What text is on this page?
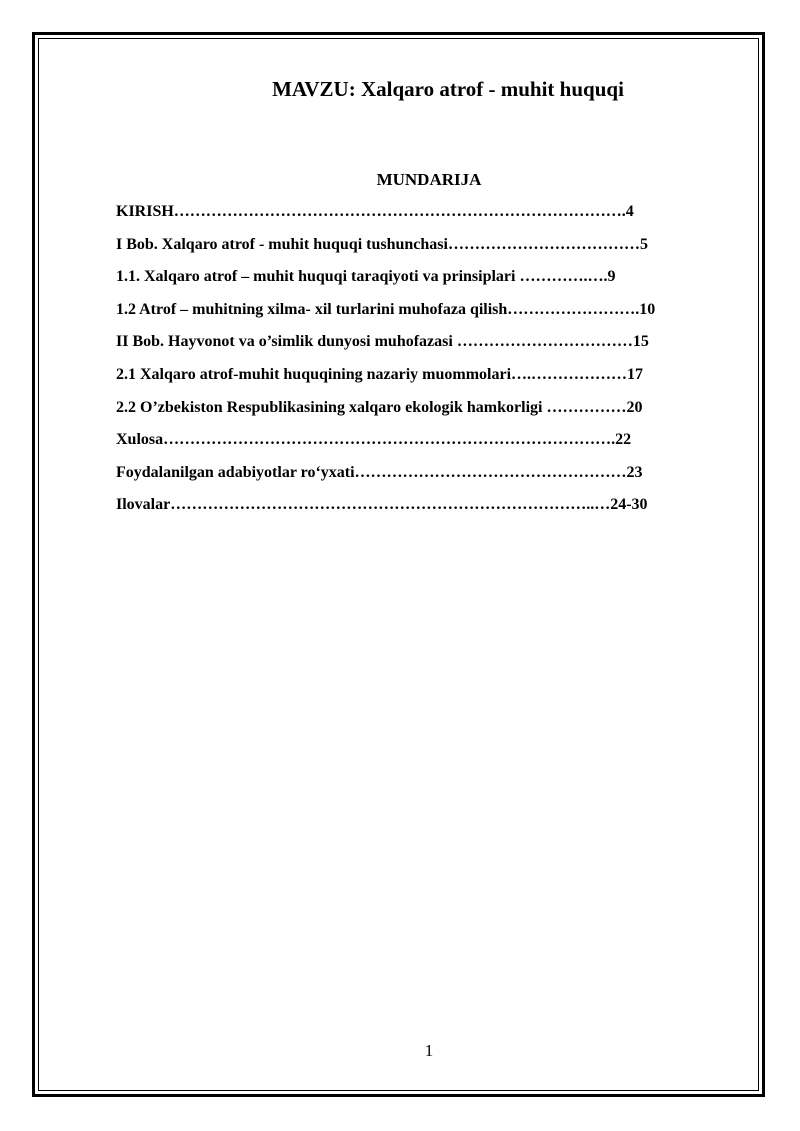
MAVZU: Xalqaro atrof - muhit huquqi
MUNDARIJA
KIRISH………………………………………………………………………….4
I Bob. Xalqaro atrof - muhit huquqi tushunchasi………………………………5
1.1. Xalqaro atrof – muhit huquqi taraqiyoti va prinsiplari ………….….9
1.2 Atrof – muhitning xilma- xil turlarini muhofaza qilish…………………….10
II Bob. Hayvonot va o’simlik dunyosi muhofazasi ……………………………15
2.1 Xalqaro atrof-muhit huquqining nazariy muommolari….………………17
2.2 O’zbekiston Respublikasining xalqaro ekologik hamkorligi ……………20
Xulosa………………………………………………………………………….22
Foydalanilgan adabiyotlar ro‘yxati……………………………………………23
Ilovalar……………………………………………………………………..…24-30
1
